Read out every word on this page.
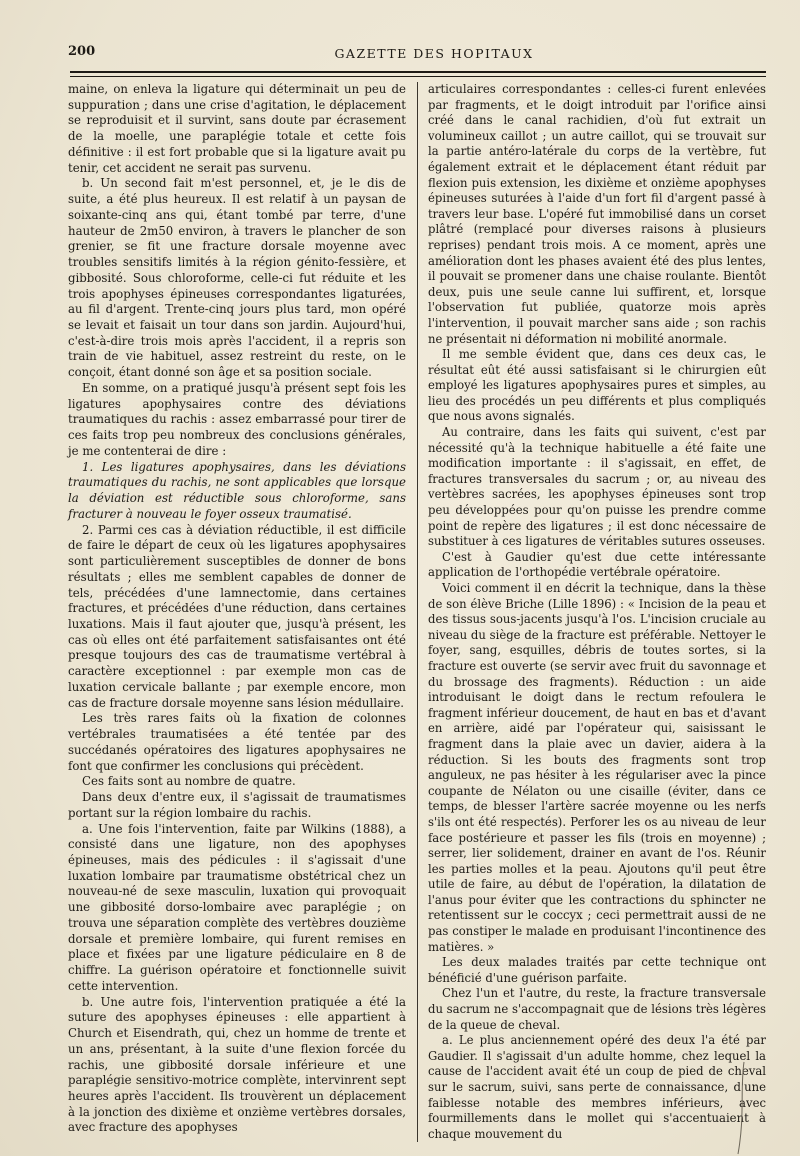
200	GAZETTE DES HOPITAUX

maine, on enleva la ligature qui déterminait un peu de suppuration ; dans une crise d'agitation, le déplacement se reproduisit et il survint, sans doute par écrasement de la moelle, une paraplégie totale et cette fois définitive : il est fort probable que si la ligature avait pu tenir, cet accident ne serait pas survenu.

b. Un second fait m'est personnel, et, je le dis de suite, a été plus heureux. Il est relatif à un paysan de soixante-cinq ans qui, étant tombé par terre, d'une hauteur de 2m50 environ, à travers le plancher de son grenier, se fit une fracture dorsale moyenne avec troubles sensitifs limités à la région génito-fessière, et gibbosité. Sous chloroforme, celle-ci fut réduite et les trois apophyses épineuses correspondantes ligaturées, au fil d'argent. Trente-cinq jours plus tard, mon opéré se levait et faisait un tour dans son jardin. Aujourd'hui, c'est-à-dire trois mois après l'accident, il a repris son train de vie habituel, assez restreint du reste, on le conçoit, étant donné son âge et sa position sociale.

En somme, on a pratiqué jusqu'à présent sept fois les ligatures apophysaires contre des déviations traumatiques du rachis : assez embarrassé pour tirer de ces faits trop peu nombreux des conclusions générales, je me contenterai de dire :

1. Les ligatures apophysaires, dans les déviations traumatiques du rachis, ne sont applicables que lorsque la déviation est réductible sous chloroforme, sans fracturer à nouveau le foyer osseux traumatisé.

2. Parmi ces cas à déviation réductible, il est difficile de faire le départ de ceux où les ligatures apophysaires sont particulièrement susceptibles de donner de bons résultats ; elles me semblent capables de donner de tels, précédées d'une lamnectomie, dans certaines fractures, et précédées d'une réduction, dans certaines luxations. Mais il faut ajouter que, jusqu'à présent, les cas où elles ont été parfaitement satisfaisantes ont été presque toujours des cas de traumatisme vertébral à caractère exceptionnel : par exemple mon cas de luxation cervicale ballante ; par exemple encore, mon cas de fracture dorsale moyenne sans lésion médullaire.

Les très rares faits où la fixation de colonnes vertébrales traumatisées a été tentée par des succédanés opératoires des ligatures apophysaires ne font que confirmer les conclusions qui précèdent.

Ces faits sont au nombre de quatre.

Dans deux d'entre eux, il s'agissait de traumatismes portant sur la région lombaire du rachis.

a. Une fois l'intervention, faite par Wilkins (1888), a consisté dans une ligature, non des apophyses épineuses, mais des pédicules : il s'agissait d'une luxation lombaire par traumatisme obstétrical chez un nouveau-né de sexe masculin, luxation qui provoquait une gibbosité dorso-lombaire avec paraplégie ; on trouva une séparation complète des vertèbres douzième dorsale et première lombaire, qui furent remises en place et fixées par une ligature pédiculaire en 8 de chiffre. La guérison opératoire et fonctionnelle suivit cette intervention.

b. Une autre fois, l'intervention pratiquée a été la suture des apophyses épineuses : elle appartient à Church et Eisendrath, qui, chez un homme de trente et un ans, présentant, à la suite d'une flexion forcée du rachis, une gibbosité dorsale inférieure et une paraplégie sensitivo-motrice complète, intervinrent sept heures après l'accident. Ils trouvèrent un déplacement à la jonction des dixième et onzième vertèbres dorsales, avec fracture des apophyses

articulaires correspondantes : celles-ci furent enlevées par fragments, et le doigt introduit par l'orifice ainsi créé dans le canal rachidien, d'où fut extrait un volumineux caillot ; un autre caillot, qui se trouvait sur la partie antéro-latérale du corps de la vertèbre, fut également extrait et le déplacement étant réduit par flexion puis extension, les dixième et onzième apophyses épineuses suturées à l'aide d'un fort fil d'argent passé à travers leur base. L'opéré fut immobilisé dans un corset plâtré (remplacé pour diverses raisons à plusieurs reprises) pendant trois mois. A ce moment, après une amélioration dont les phases avaient été des plus lentes, il pouvait se promener dans une chaise roulante. Bientôt deux, puis une seule canne lui suffirent, et, lorsque l'observation fut publiée, quatorze mois après l'intervention, il pouvait marcher sans aide ; son rachis ne présentait ni déformation ni mobilité anormale.

Il me semble évident que, dans ces deux cas, le résultat eût été aussi satisfaisant si le chirurgien eût employé les ligatures apophysaires pures et simples, au lieu des procédés un peu différents et plus compliqués que nous avons signalés.

Au contraire, dans les faits qui suivent, c'est par nécessité qu'à la technique habituelle a été faite une modification importante : il s'agissait, en effet, de fractures transversales du sacrum ; or, au niveau des vertèbres sacrées, les apophyses épineuses sont trop peu développées pour qu'on puisse les prendre comme point de repère des ligatures ; il est donc nécessaire de substituer à ces ligatures de véritables sutures osseuses.

C'est à Gaudier qu'est due cette intéressante application de l'orthopédie vertébrale opératoire.

Voici comment il en décrit la technique, dans la thèse de son élève Briche (Lille 1896) : « Incision de la peau et des tissus sous-jacents jusqu'à l'os. L'incision cruciale au niveau du siège de la fracture est préférable. Nettoyer le foyer, sang, esquilles, débris de toutes sortes, si la fracture est ouverte (se servir avec fruit du savonnage et du brossage des fragments). Réduction : un aide introduisant le doigt dans le rectum refoulera le fragment inférieur doucement, de haut en bas et d'avant en arrière, aidé par l'opérateur qui, saisissant le fragment dans la plaie avec un davier, aidera à la réduction. Si les bouts des fragments sont trop anguleux, ne pas hésiter à les régulariser avec la pince coupante de Nélaton ou une cisaille (éviter, dans ce temps, de blesser l'artère sacrée moyenne ou les nerfs s'ils ont été respectés). Perforer les os au niveau de leur face postérieure et passer les fils (trois en moyenne) ; serrer, lier solidement, drainer en avant de l'os. Réunir les parties molles et la peau. Ajoutons qu'il peut être utile de faire, au début de l'opération, la dilatation de l'anus pour éviter que les contractions du sphincter ne retentissent sur le coccyx ; ceci permettrait aussi de ne pas constiper le malade en produisant l'incontinence des matières. »

Les deux malades traités par cette technique ont bénéficié d'une guérison parfaite.

Chez l'un et l'autre, du reste, la fracture transversale du sacrum ne s'accompagnait que de lésions très légères de la queue de cheval.

a. Le plus anciennement opéré des deux l'a été par Gaudier. Il s'agissait d'un adulte homme, chez lequel la cause de l'accident avait été un coup de pied de cheval sur le sacrum, suivi, sans perte de connaissance, d'une faiblesse notable des membres inférieurs, avec fourmillements dans le mollet qui s'accentuaient à chaque mouvement du
